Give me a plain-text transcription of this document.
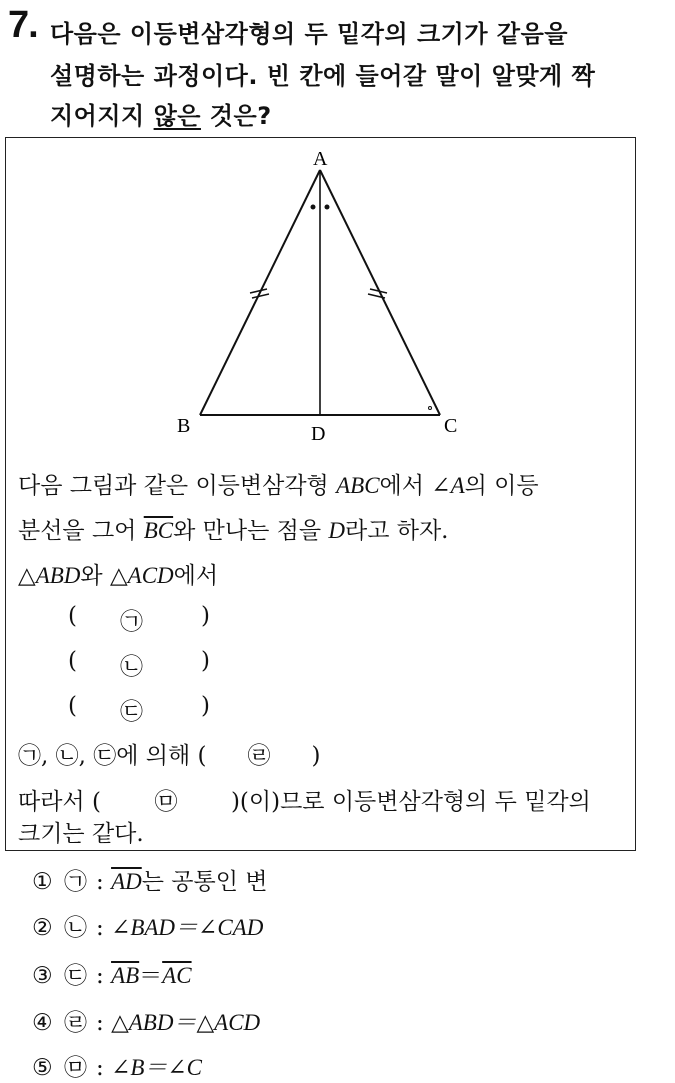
7. 다음은 이등변삼각형의 두 밑각의 크기가 같음을
설명하는 과정이다. 빈 칸에 들어갈 말이 알맞게 짝
지어지지 않은 것은?
A
B	C
D
다음 그림과 같은 이등변삼각형 ABC에서 ∠A의 이등
분선을 그어 $\overline{BC}$와 만나는 점을 D라고 하자.
△ABD와 △ACD에서
( ㉠	)
( ㉡	)
( ㉢	)
㉠, ㉡, ㉢에 의해 ( ㉣ )
따라서 ( ㉤ )(이)므로 이등변삼각형의 두 밑각의
크기는 같다.
① ㉠ : $\overline{AD}$는 공통인 변
② ㉡ : ∠BAD＝∠CAD
③ ㉢ : $\overline{AB}=\overline{AC}$
④ ㉣ : △ABD＝△ACD
⑤ ㉤ : ∠B＝∠C
